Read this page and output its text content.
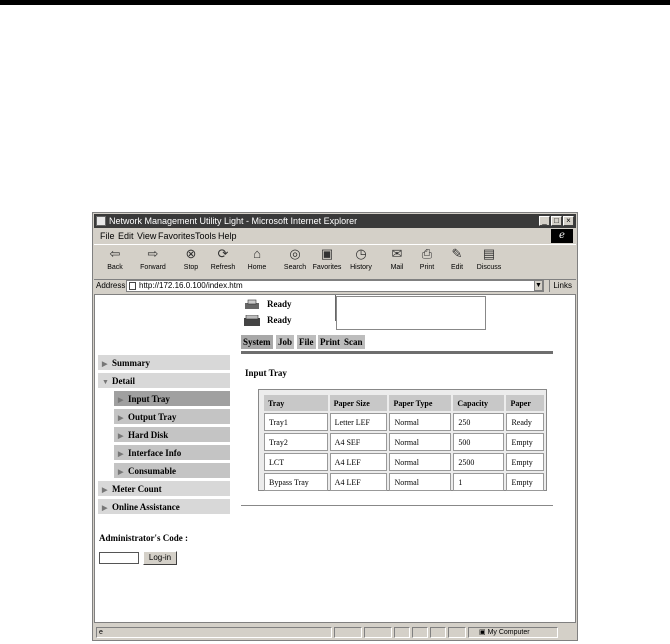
Network Management Utility Light - Microsoft Internet Explorer	_ □ ×
File Edit View Favorites Tools Help	e
⇦
Back
⇨
Forward
⊗
Stop
⟳
Refresh
⌂
Home
◎
Search
▣
Favorites
◷
History
✉
Mail
⎙
Print
✎
Edit
▤
Discuss
Address	http://172.16.0.100/index.htm	Links
▼
Ready
Ready
System Job File Print Scan
▶ Summary
▼ Detail
▶ Input Tray
▶ Output Tray
▶ Hard Disk
▶ Interface Info
▶ Consumable
▶ Meter Count
▶ Online Assistance
Administrator's Code :
Log-in
Input Tray
Tray	Paper Size	Paper Type	Capacity	Paper
Tray1	Letter LEF	Normal	250	Ready
Tray2	A4 SEF	Normal	500	Empty
LCT	A4 LEF	Normal	2500	Empty
Bypass Tray	A4 LEF	Normal	1	Empty
e	▣ My Computer
